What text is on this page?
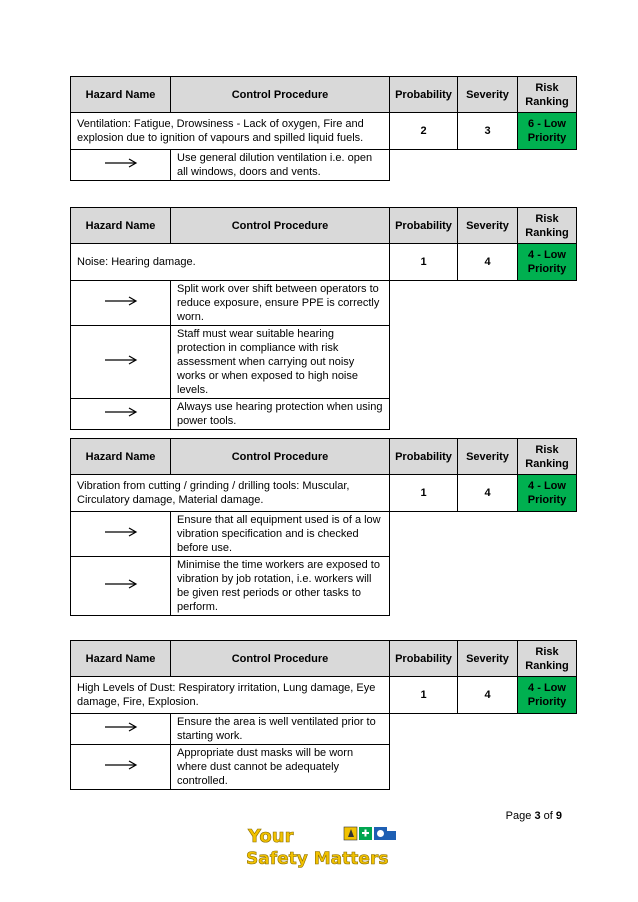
Hazard Name	Control Procedure	Probability	Severity	Risk Ranking
Ventilation: Fatigue, Drowsiness - Lack of oxygen, Fire and explosion due to ignition of vapours and spilled liquid fuels.		2	3	6 - Low Priority
	Use general dilution ventilation i.e. open all windows, doors and vents.			
Hazard Name	Control Procedure	Probability	Severity	Risk Ranking
Noise: Hearing damage.		1	4	4 - Low Priority
	Split work over shift between operators to reduce exposure, ensure PPE is correctly worn.			
	Staff must wear suitable hearing protection in compliance with risk assessment when carrying out noisy works or when exposed to high noise levels.			
	Always use hearing protection when using power tools.			
Hazard Name	Control Procedure	Probability	Severity	Risk Ranking
Vibration from cutting / grinding / drilling tools: Muscular, Circulatory damage, Material damage.		1	4	4 - Low Priority
	Ensure that all equipment used is of a low vibration specification and is checked before use.			
	Minimise the time workers are exposed to vibration by job rotation, i.e. workers will be given rest periods or other tasks to perform.			
Hazard Name	Control Procedure	Probability	Severity	Risk Ranking
High Levels of Dust: Respiratory irritation, Lung damage, Eye damage, Fire, Explosion.		1	4	4 - Low Priority
	Ensure the area is well ventilated prior to starting work.			
	Appropriate dust masks will be worn where dust cannot be adequately controlled.			
Page 3 of 9
Your
Safety Matters
